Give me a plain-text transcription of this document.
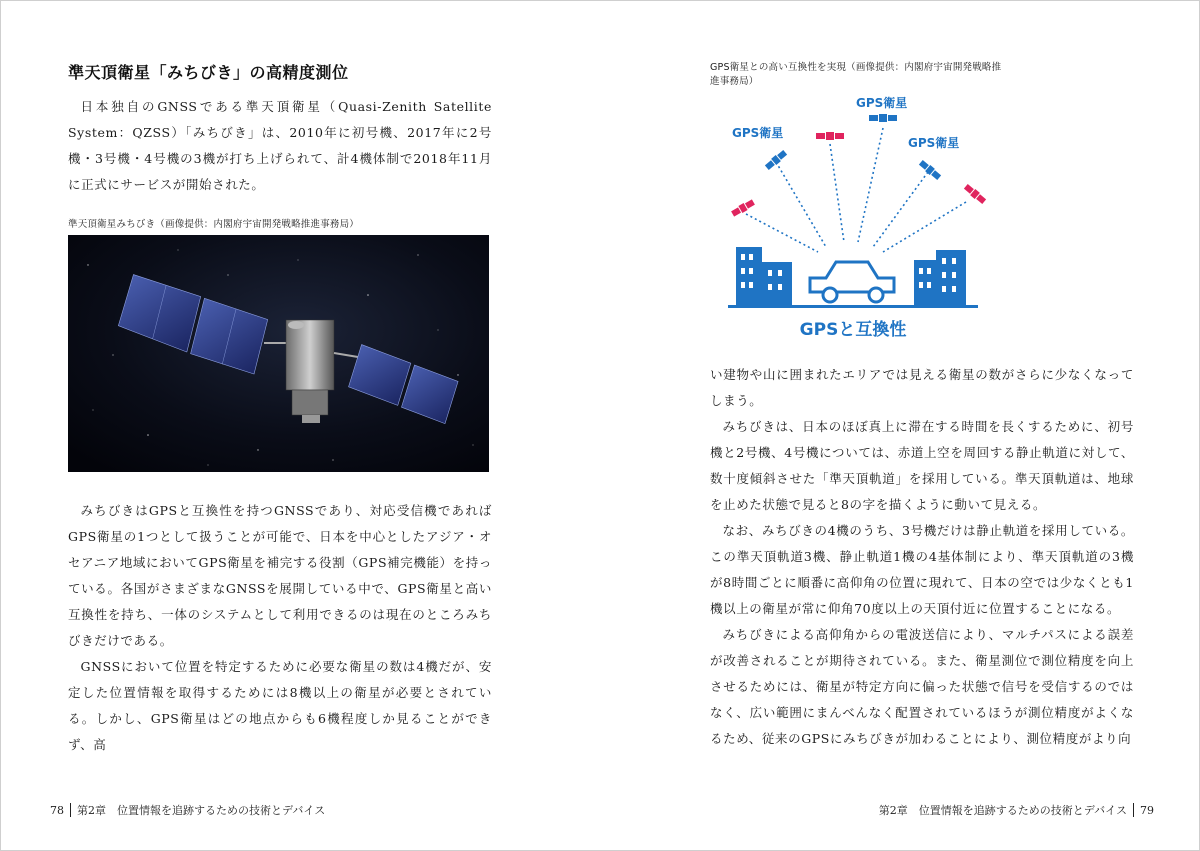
準天頂衛星「みちびき」の高精度測位

日本独自のGNSSである準天頂衛星（Quasi-Zenith Satellite System：QZSS）「みちびき」は、2010年に初号機、2017年に2号機・3号機・4号機の3機が打ち上げられて、計4機体制で2018年11月に正式にサービスが開始された。

準天頂衛星みちびき（画像提供：内閣府宇宙開発戦略推進事務局）

みちびきはGPSと互換性を持つGNSSであり、対応受信機であればGPS衛星の1つとして扱うことが可能で、日本を中心としたアジア・オセアニア地域においてGPS衛星を補完する役割（GPS補完機能）を持っている。各国がさまざまなGNSSを展開している中で、GPS衛星と高い互換性を持ち、一体のシステムとして利用できるのは現在のところみちびきだけである。

GNSSにおいて位置を特定するために必要な衛星の数は4機だが、安定した位置情報を取得するためには8機以上の衛星が必要とされている。しかし、GPS衛星はどの地点からも6機程度しか見ることができず、高

78 第2章　位置情報を追跡するための技術とデバイス
GPS衛星との高い互換性を実現（画像提供：内閣府宇宙開発戦略推進事務局）
GPS衛星
GPS衛星
GPS衛星
GPSと互換性

い建物や山に囲まれたエリアでは見える衛星の数がさらに少なくなってしまう。

みちびきは、日本のほぼ真上に滞在する時間を長くするために、初号機と2号機、4号機については、赤道上空を周回する静止軌道に対して、数十度傾斜させた「準天頂軌道」を採用している。準天頂軌道は、地球を止めた状態で見ると8の字を描くように動いて見える。

なお、みちびきの4機のうち、3号機だけは静止軌道を採用している。この準天頂軌道3機、静止軌道1機の4基体制により、準天頂軌道の3機が8時間ごとに順番に高仰角の位置に現れて、日本の空では少なくとも1機以上の衛星が常に仰角70度以上の天頂付近に位置することになる。

みちびきによる高仰角からの電波送信により、マルチパスによる誤差が改善されることが期待されている。また、衛星測位で測位精度を向上させるためには、衛星が特定方向に偏った状態で信号を受信するのではなく、広い範囲にまんべんなく配置されているほうが測位精度がよくなるため、従来のGPSにみちびきが加わることにより、測位精度がより向

第2章　位置情報を追跡するための技術とデバイス 79
